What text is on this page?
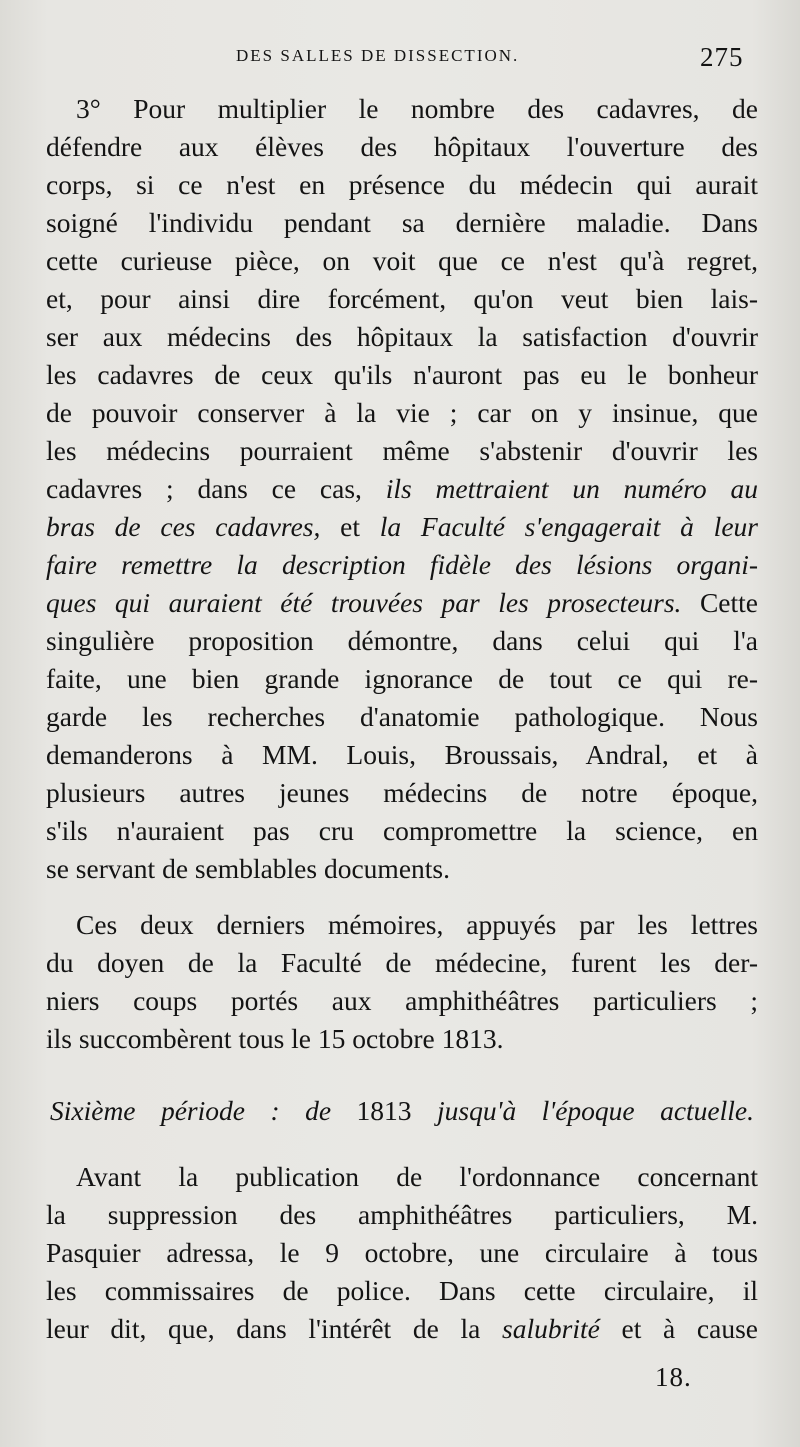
DES SALLES DE DISSECTION.	275
3° Pour multiplier le nombre des cadavres, de
défendre aux élèves des hôpitaux l'ouverture des
corps, si ce n'est en présence du médecin qui aurait
soigné l'individu pendant sa dernière maladie. Dans
cette curieuse pièce, on voit que ce n'est qu'à regret,
et, pour ainsi dire forcément, qu'on veut bien lais-
ser aux médecins des hôpitaux la satisfaction d'ouvrir
les cadavres de ceux qu'ils n'auront pas eu le bonheur
de pouvoir conserver à la vie ; car on y insinue, que
les médecins pourraient même s'abstenir d'ouvrir les
cadavres ; dans ce cas, ils mettraient un numéro au
bras de ces cadavres, et la Faculté s'engagerait à leur
faire remettre la description fidèle des lésions organi-
ques qui auraient été trouvées par les prosecteurs. Cette
singulière proposition démontre, dans celui qui l'a
faite, une bien grande ignorance de tout ce qui re-
garde les recherches d'anatomie pathologique. Nous
demanderons à MM. Louis, Broussais, Andral, et à
plusieurs autres jeunes médecins de notre époque,
s'ils n'auraient pas cru compromettre la science, en
se servant de semblables documents.
Ces deux derniers mémoires, appuyés par les lettres
du doyen de la Faculté de médecine, furent les der-
niers coups portés aux amphithéâtres particuliers ;
ils succombèrent tous le 15 octobre 1813.
Sixième période : de 1813 jusqu'à l'époque actuelle.
Avant la publication de l'ordonnance concernant
la suppression des amphithéâtres particuliers, M.
Pasquier adressa, le 9 octobre, une circulaire à tous
les commissaires de police. Dans cette circulaire, il
leur dit, que, dans l'intérêt de la salubrité et à cause
18.
